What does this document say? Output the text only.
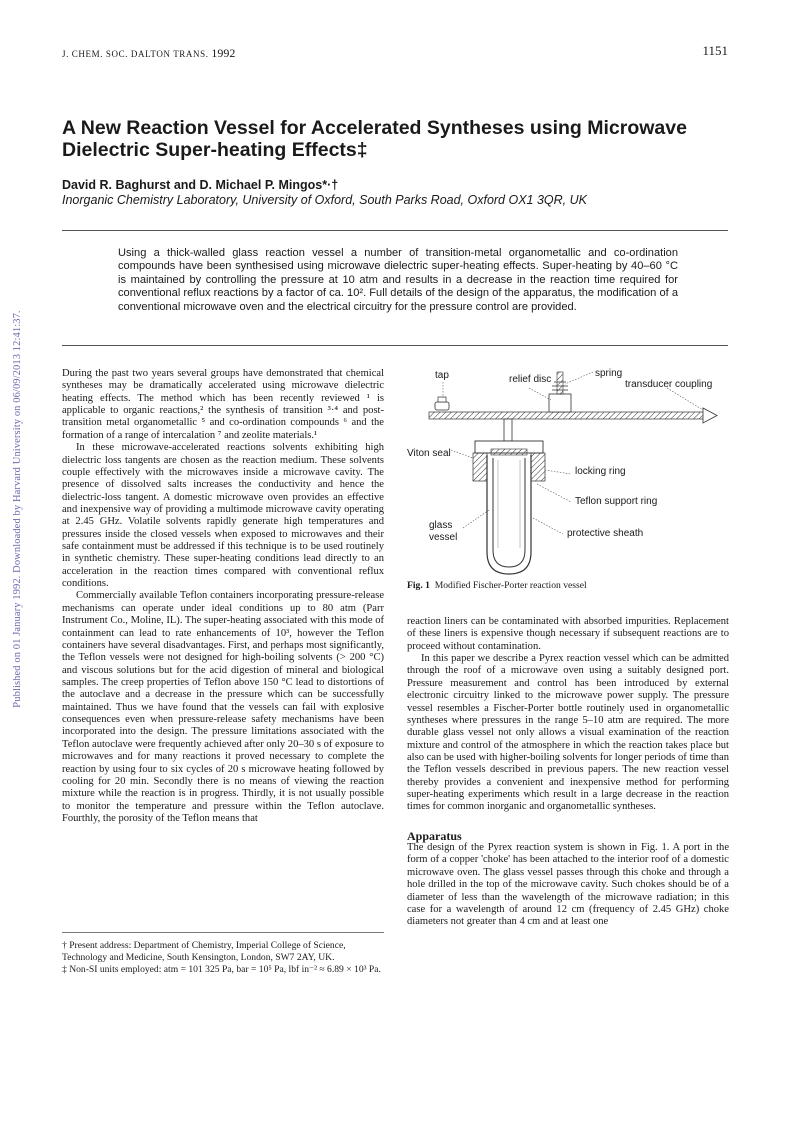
Published on 01 January 1992. Downloaded by Harvard University on 06/09/2013 12:41:37.
J. CHEM. SOC. DALTON TRANS. 1992	1151
A New Reaction Vessel for Accelerated Syntheses using Microwave Dielectric Super-heating Effects‡
David R. Baghurst and D. Michael P. Mingos*·†
Inorganic Chemistry Laboratory, University of Oxford, South Parks Road, Oxford OX1 3QR, UK
Using a thick-walled glass reaction vessel a number of transition-metal organometallic and co-ordination compounds have been synthesised using microwave dielectric super-heating effects. Super-heating by 40–60 °C is maintained by controlling the pressure at 10 atm and results in a decrease in the reaction time required for conventional reflux reactions by a factor of ca. 10². Full details of the design of the apparatus, the modification of a conventional microwave oven and the electrical circuitry for the pressure control are provided.

During the past two years several groups have demonstrated that chemical syntheses may be dramatically accelerated using microwave dielectric heating effects. The method which has been recently reviewed ¹ is applicable to organic reactions,² the synthesis of transition ³·⁴ and post-transition metal organometallic ⁵ and co-ordination compounds ⁶ and the formation of a range of intercalation ⁷ and zeolite materials.¹

In these microwave-accelerated reactions solvents exhibiting high dielectric loss tangents are chosen as the reaction medium. These solvents couple effectively with the microwaves inside a microwave cavity. The presence of dissolved salts increases the conductivity and hence the dielectric-loss tangent. A domestic microwave oven provides an effective and inexpensive way of providing a multimode microwave cavity operating at 2.45 GHz. Volatile solvents rapidly generate high temperatures and pressures inside the closed vessels when exposed to microwaves and their safe containment must be addressed if this technique is to be used routinely in synthetic chemistry. These super-heating conditions lead directly to an acceleration in the reaction times compared with conventional reflux conditions.

Commercially available Teflon containers incorporating pressure-release mechanisms can operate under ideal conditions up to 80 atm (Parr Instrument Co., Moline, IL). The super-heating associated with this mode of containment can lead to rate enhancements of 10³, however the Teflon containers have several disadvantages. First, and perhaps most significantly, the Teflon vessels were not designed for high-boiling solvents (> 200 °C) and viscous solutions but for the acid digestion of mineral and biological samples. The creep properties of Teflon above 150 °C lead to distortions of the autoclave and a decrease in the pressure which can be successfully maintained. Thus we have found that the vessels can fail with explosive consequences even when pressure-release safety mechanisms have been incorporated into the design. The pressure limitations associated with the Teflon autoclave were frequently achieved after only 20–30 s of exposure to microwaves and for many reactions it proved necessary to complete the reaction by using four to six cycles of 20 s microwave heating followed by cooling for 20 min. Secondly there is no means of viewing the reaction mixture while the reaction is in progress. Thirdly, it is not usually possible to monitor the temperature and pressure within the Teflon autoclave. Fourthly, the porosity of the Teflon means that

† Present address: Department of Chemistry, Imperial College of Science, Technology and Medicine, South Kensington, London, SW7 2AY, UK.

‡ Non-SI units employed: atm = 101 325 Pa, bar = 10⁵ Pa, lbf in⁻² ≈ 6.89 × 10³ Pa.

tap	relief disc
spring
transducer coupling
Viton seal
locking ring
Teflon support ring
glass
vessel	protective sheath
Fig. 1 Modified Fischer-Porter reaction vessel

reaction liners can be contaminated with absorbed impurities. Replacement of these liners is expensive though necessary if subsequent reactions are to proceed without contamination.

In this paper we describe a Pyrex reaction vessel which can be admitted through the roof of a microwave oven using a suitably designed port. Pressure measurement and control has been introduced by external electronic circuitry linked to the microwave power supply. The pressure vessel resembles a Fischer-Porter bottle routinely used in organometallic syntheses where pressures in the range 5–10 atm are required. The more durable glass vessel not only allows a visual examination of the reaction mixture and control of the atmosphere in which the reaction takes place but also can be used with higher-boiling solvents for longer periods of time than the Teflon vessels described in previous papers. The new reaction vessel thereby provides a convenient and inexpensive method for performing super-heating experiments which result in a large decrease in the reaction times for common inorganic and organometallic syntheses.

Apparatus

The design of the Pyrex reaction system is shown in Fig. 1. A port in the form of a copper 'choke' has been attached to the interior roof of a domestic microwave oven. The glass vessel passes through this choke and through a hole drilled in the top of the microwave cavity. Such chokes should be of a diameter of less than the wavelength of the microwave radiation; in this case for a wavelength of around 12 cm (frequency of 2.45 GHz) choke diameters not greater than 4 cm and at least one
